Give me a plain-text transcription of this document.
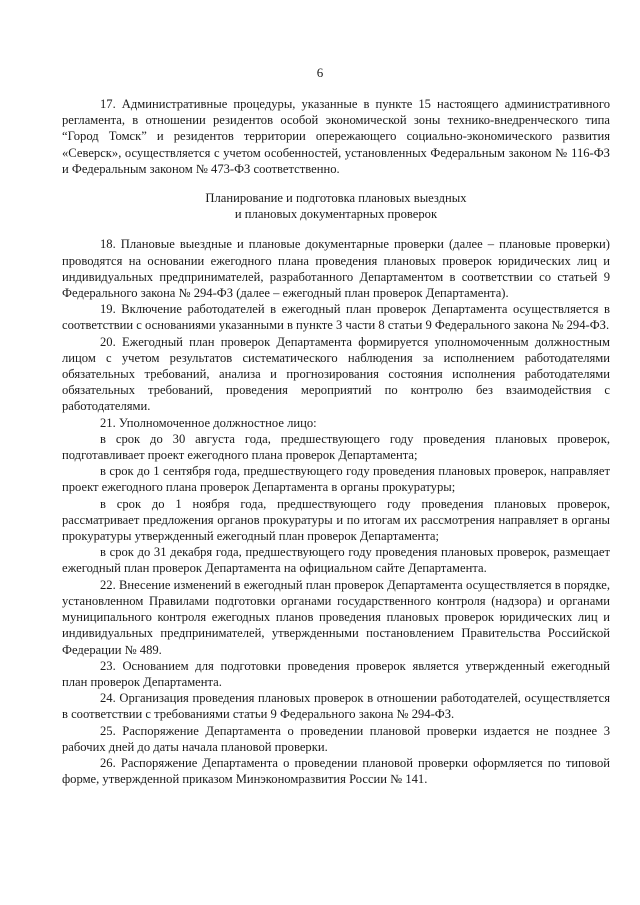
6

17. Административные процедуры, указанные в пункте 15 настоящего административного регламента, в отношении резидентов особой экономической зоны технико-внедренческого типа “Город Томск” и резидентов территории опережающего социально-экономического развития «Северск», осуществляется с учетом особенностей, установленных Федеральным законом № 116-ФЗ и Федеральным законом № 473-ФЗ соответственно.

Планирование и подготовка плановых выездных
и плановых документарных проверок

18. Плановые выездные и плановые документарные проверки (далее – плановые проверки) проводятся на основании ежегодного плана проведения плановых проверок юридических лиц и индивидуальных предпринимателей, разработанного Департаментом в соответствии со статьей 9 Федерального закона № 294-ФЗ (далее – ежегодный план проверок Департамента).

19. Включение работодателей в ежегодный план проверок Департамента осуществляется в соответствии с основаниями указанными в пункте 3 части 8 статьи 9 Федерального закона № 294-ФЗ.

20. Ежегодный план проверок Департамента формируется уполномоченным должностным лицом с учетом результатов систематического наблюдения за исполнением работодателями обязательных требований, анализа и прогнозирования состояния исполнения работодателями обязательных требований, проведения мероприятий по контролю без взаимодействия с работодателями.

21. Уполномоченное должностное лицо:

в срок до 30 августа года, предшествующего году проведения плановых проверок, подготавливает проект ежегодного плана проверок Департамента;

в срок до 1 сентября года, предшествующего году проведения плановых проверок, направляет проект ежегодного плана проверок Департамента в органы прокуратуры;

в срок до 1 ноября года, предшествующего году проведения плановых проверок, рассматривает предложения органов прокуратуры и по итогам их рассмотрения направляет в органы прокуратуры утвержденный ежегодный план проверок Департамента;

в срок до 31 декабря года, предшествующего году проведения плановых проверок, размещает ежегодный план проверок Департамента на официальном сайте Департамента.

22. Внесение изменений в ежегодный план проверок Департамента осуществляется в порядке, установленном Правилами подготовки органами государственного контроля (надзора) и органами муниципального контроля ежегодных планов проведения плановых проверок юридических лиц и индивидуальных предпринимателей, утвержденными постановлением Правительства Российской Федерации № 489.

23. Основанием для подготовки проведения проверок является утвержденный ежегодный план проверок Департамента.

24. Организация проведения плановых проверок в отношении работодателей, осуществляется в соответствии с требованиями статьи 9 Федерального закона № 294-ФЗ.

25. Распоряжение Департамента о проведении плановой проверки издается не позднее 3 рабочих дней до даты начала плановой проверки.

26. Распоряжение Департамента о проведении плановой проверки оформляется по типовой форме, утвержденной приказом Минэкономразвития России № 141.
